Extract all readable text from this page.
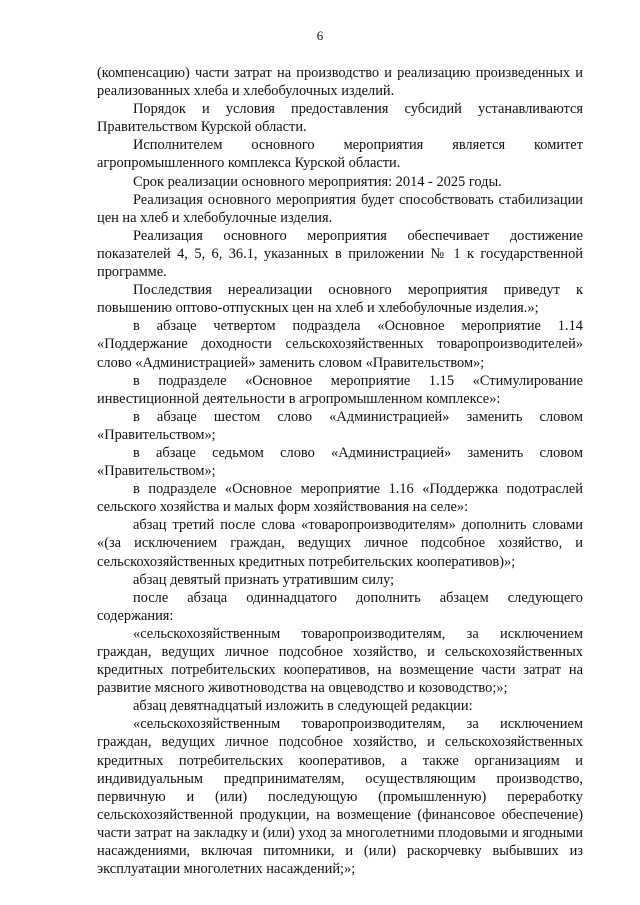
6

(компенсацию) части затрат на производство и реализацию произведенных и реализованных хлеба и хлебобулочных изделий.

Порядок и условия предоставления субсидий устанавливаются Правительством Курской области.

Исполнителем основного мероприятия является комитет агропромышленного комплекса Курской области.

Срок реализации основного мероприятия: 2014 - 2025 годы.

Реализация основного мероприятия будет способствовать стабилизации цен на хлеб и хлебобулочные изделия.

Реализация основного мероприятия обеспечивает достижение показателей 4, 5, 6, 36.1, указанных в приложении № 1 к государственной программе.

Последствия нереализации основного мероприятия приведут к повышению оптово-отпускных цен на хлеб и хлебобулочные изделия.»;

в абзаце четвертом подраздела «Основное мероприятие 1.14 «Поддержание доходности сельскохозяйственных товаропроизводителей» слово «Администрацией» заменить словом «Правительством»;

в подразделе «Основное мероприятие 1.15 «Стимулирование инвестиционной деятельности в агропромышленном комплексе»:

в абзаце шестом слово «Администрацией» заменить словом «Правительством»;

в абзаце седьмом слово «Администрацией» заменить словом «Правительством»;

в подразделе «Основное мероприятие 1.16 «Поддержка подотраслей сельского хозяйства и малых форм хозяйствования на селе»:

абзац третий после слова «товаропроизводителям» дополнить словами «(за исключением граждан, ведущих личное подсобное хозяйство, и сельскохозяйственных кредитных потребительских кооперативов)»;

абзац девятый признать утратившим силу;

после абзаца одиннадцатого дополнить абзацем следующего содержания:

«сельскохозяйственным товаропроизводителям, за исключением граждан, ведущих личное подсобное хозяйство, и сельскохозяйственных кредитных потребительских кооперативов, на возмещение части затрат на развитие мясного животноводства на овцеводство и козоводство;»;

абзац девятнадцатый изложить в следующей редакции:

«сельскохозяйственным товаропроизводителям, за исключением граждан, ведущих личное подсобное хозяйство, и сельскохозяйственных кредитных потребительских кооперативов, а также организациям и индивидуальным предпринимателям, осуществляющим производство, первичную и (или) последующую (промышленную) переработку сельскохозяйственной продукции, на возмещение (финансовое обеспечение) части затрат на закладку и (или) уход за многолетними плодовыми и ягодными насаждениями, включая питомники, и (или) раскорчевку выбывших из эксплуатации многолетних насаждений;»;
